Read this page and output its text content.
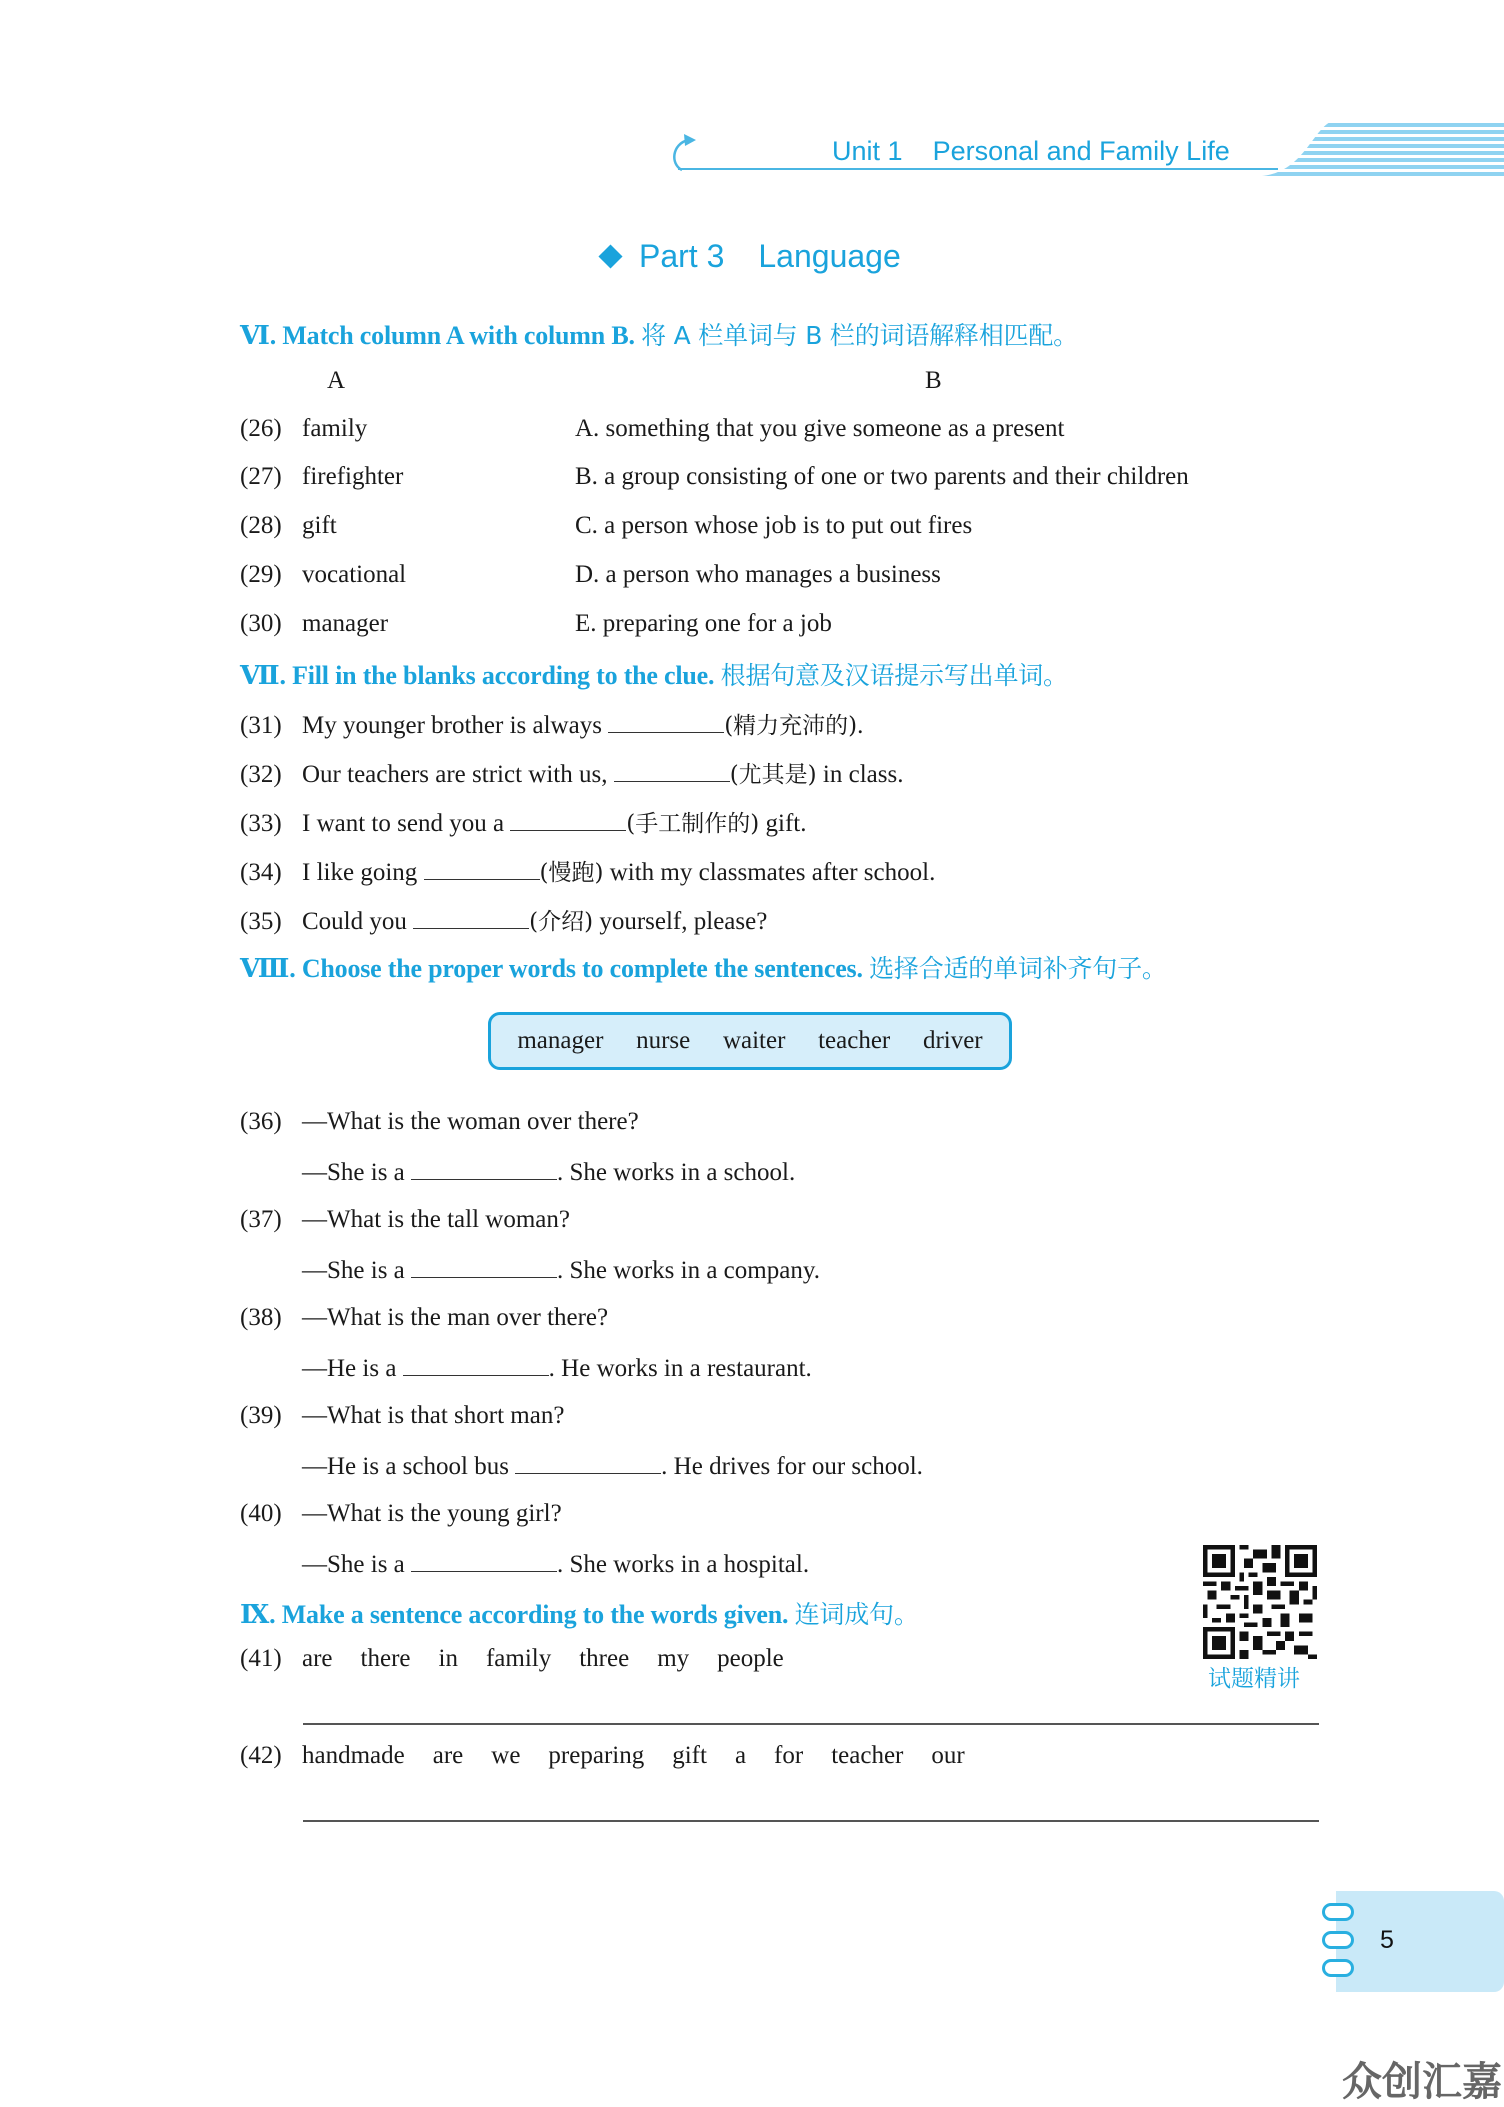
Unit 1 Personal and Family Life
Part 3 Language
Ⅵ. Match column A with column B. 将 A 栏单词与 B 栏的词语解释相匹配。
A	B
(26) family	A. something that you give someone as a present
(27) firefighter	B. a group consisting of one or two parents and their children
(28) gift	C. a person whose job is to put out fires
(29) vocational	D. a person who manages a business
(30) manager	E. preparing one for a job
Ⅶ. Fill in the blanks according to the clue. 根据句意及汉语提示写出单词。
(31) My younger brother is always	(精力充沛的).
(32) Our teachers are strict with us,	(尤其是) in class.
(33) I want to send you a	(手工制作的) gift.
(34) I like going	(慢跑) with my classmates after school.
(35) Could you	(介绍) yourself, please?
Ⅷ. Choose the proper words to complete the sentences. 选择合适的单词补齐句子。
manager nurse waiter teacher driver
(36) —What is the woman over there?
—She is a	. She works in a school.
(37) —What is the tall woman?
—She is a	. She works in a company.
(38) —What is the man over there?
—He is a	. He works in a restaurant.
(39) —What is that short man?
—He is a school bus	. He drives for our school.
(40) —What is the young girl?
—She is a	. She works in a hospital.
Ⅸ. Make a sentence according to the words given. 连词成句。
(41) are there in family three my people
(42) handmade are we preparing gift a for teacher our
试题精讲
5
众创汇嘉
